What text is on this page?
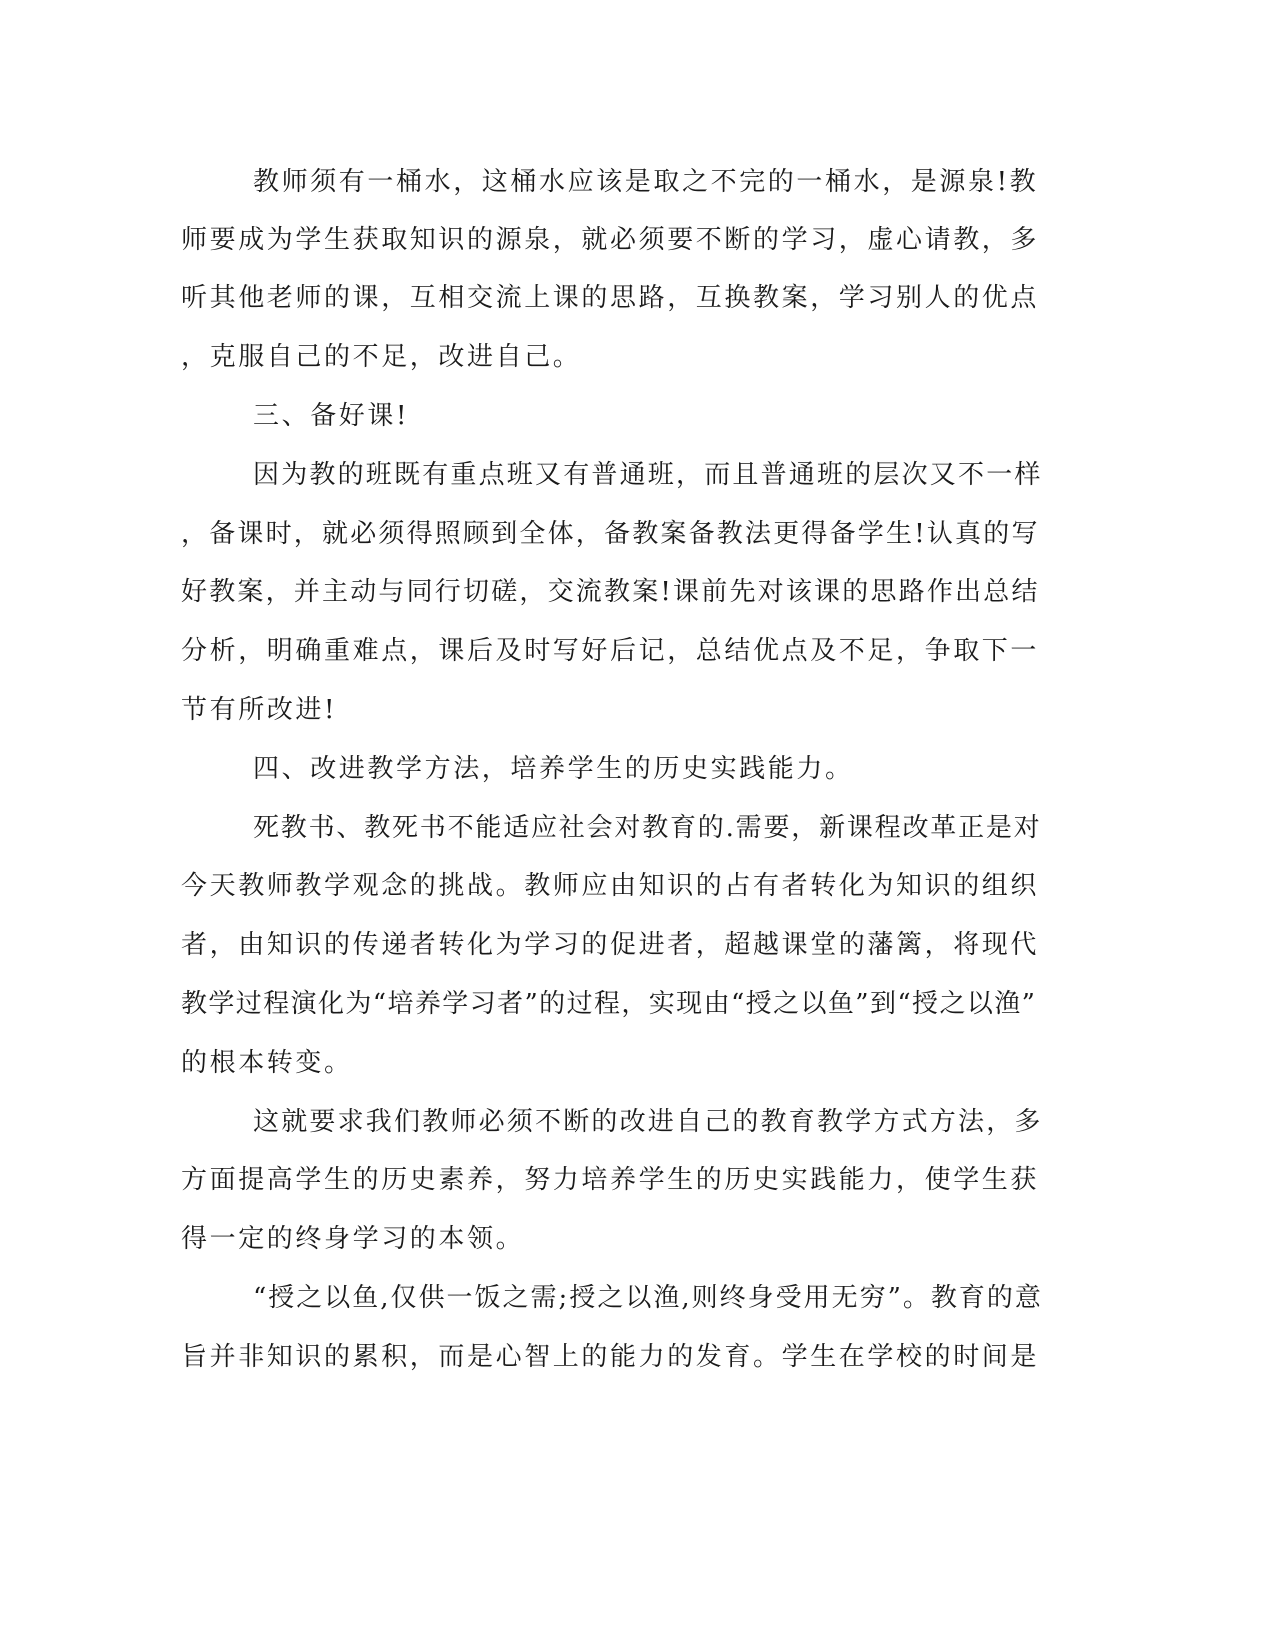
教师须有一桶水，这桶水应该是取之不完的一桶水，是源泉!教
师要成为学生获取知识的源泉，就必须要不断的学习，虚心请教，多
听其他老师的课，互相交流上课的思路，互换教案，学习别人的优点
，克服自己的不足，改进自己。
三、备好课!
因为教的班既有重点班又有普通班，而且普通班的层次又不一样
，备课时，就必须得照顾到全体，备教案备教法更得备学生!认真的写
好教案，并主动与同行切磋，交流教案!课前先对该课的思路作出总结
分析，明确重难点，课后及时写好后记，总结优点及不足，争取下一
节有所改进!
四、改进教学方法，培养学生的历史实践能力。
死教书、教死书不能适应社会对教育的.需要，新课程改革正是对
今天教师教学观念的挑战。教师应由知识的占有者转化为知识的组织
者，由知识的传递者转化为学习的促进者，超越课堂的藩篱，将现代
教学过程演化为“培养学习者”的过程，实现由“授之以鱼”到“授之以渔”
的根本转变。
这就要求我们教师必须不断的改进自己的教育教学方式方法，多
方面提高学生的历史素养，努力培养学生的历史实践能力，使学生获
得一定的终身学习的本领。
“授之以鱼,仅供一饭之需;授之以渔,则终身受用无穷”。教育的意
旨并非知识的累积，而是心智上的能力的发育。学生在学校的时间是
